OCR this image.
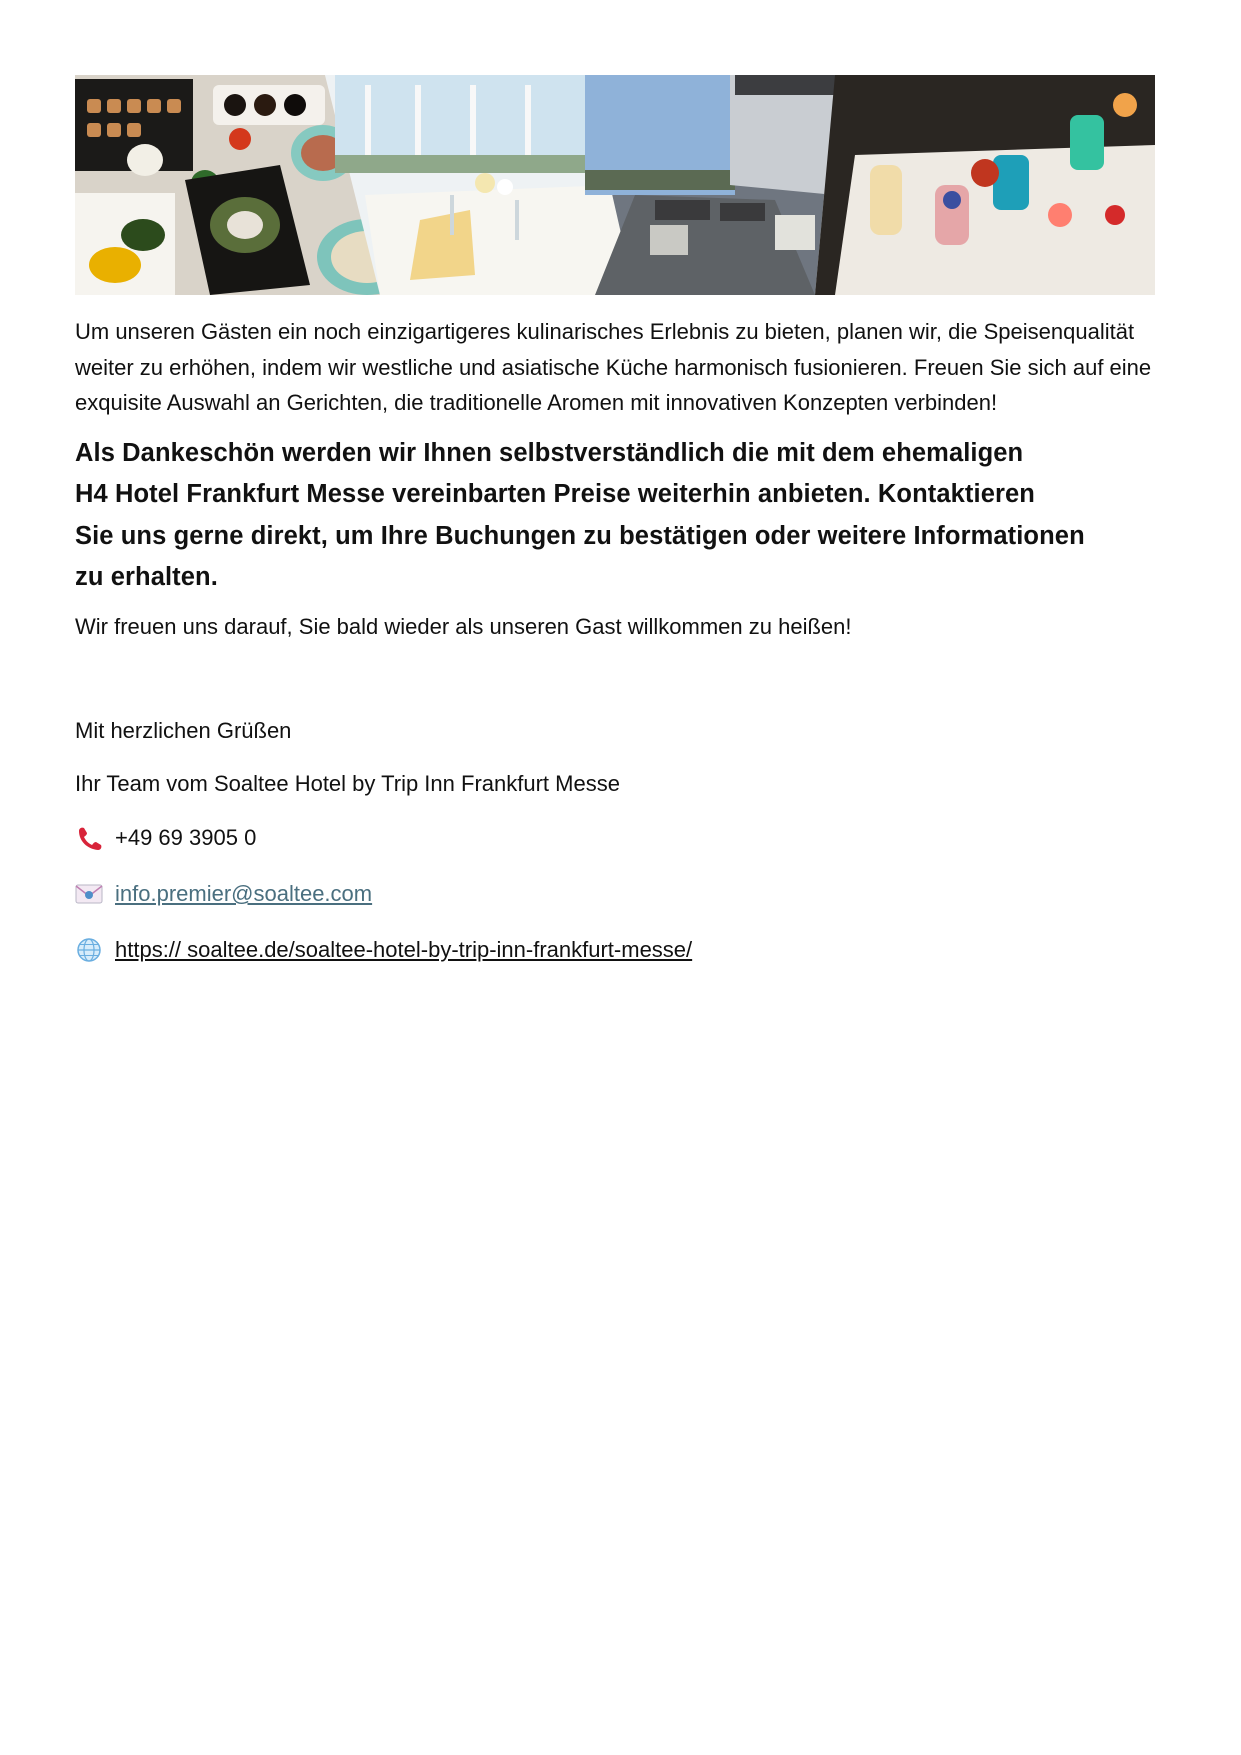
Um unseren Gästen ein noch einzigartigeres kulinarisches Erlebnis zu bieten, planen wir, die Speisenqualität weiter zu erhöhen, indem wir westliche und asiatische Küche harmonisch fusionieren. Freuen Sie sich auf eine exquisite Auswahl an Gerichten, die traditionelle Aromen mit innovativen Konzepten verbinden!

Als Dankeschön werden wir Ihnen selbstverständlich die mit dem ehemaligen
H4 Hotel Frankfurt Messe vereinbarten Preise weiterhin anbieten. Kontaktieren
Sie uns gerne direkt, um Ihre Buchungen zu bestätigen oder weitere Informationen
zu erhalten.

Wir freuen uns darauf, Sie bald wieder als unseren Gast willkommen zu heißen!

Mit herzlichen Grüßen

Ihr Team vom Soaltee Hotel by Trip Inn Frankfurt Messe

+49 69 3905 0
info.premier@soaltee.com
https:// soaltee.de/soaltee-hotel-by-trip-inn-frankfurt-messe/
